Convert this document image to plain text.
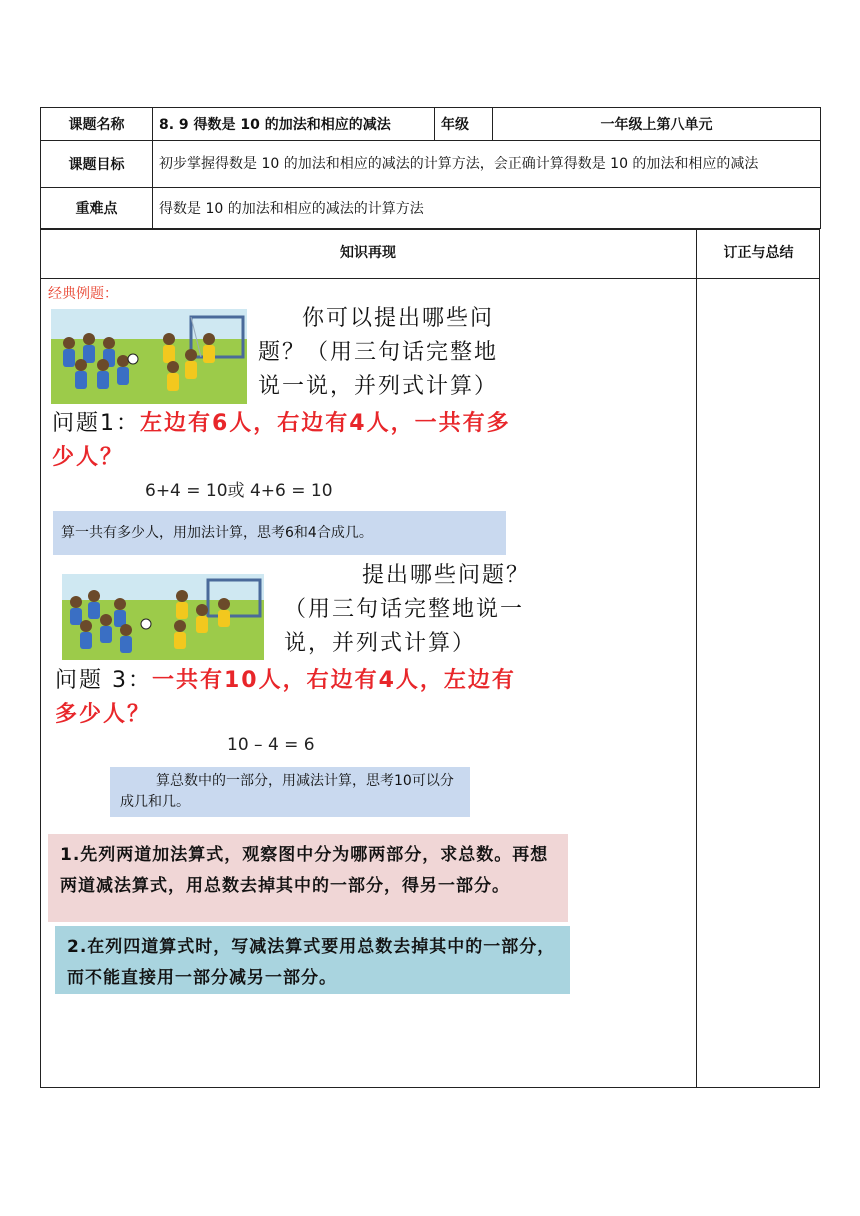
课题名称	8. 9 得数是 10 的加法和相应的减法	年级	一年级上第八单元
课题目标	初步掌握得数是 10 的加法和相应的减法的计算方法，会正确计算得数是 10 的加法和相应的减法		
重难点	得数是 10 的加法和相应的减法的计算方法		
知识再现	订正与总结
经典例题：
你可以提出哪些问题？（用三句话完整地说一说，并列式计算）
问题1：左边有6人，右边有4人，一共有多少人？
6+4 = 10或 4+6 = 10
算一共有多少人，用加法计算，思考6和4合成几。
提出哪些问题？（用三句话完整地说一说，并列式计算）
问题 3：一共有10人，右边有4人，左边有多少人？
10 – 4 = 6
算总数中的一部分，用减法计算，思考10可以分成几和几。
1.先列两道加法算式，观察图中分为哪两部分，求总数。再想两道减法算式，用总数去掉其中的一部分，得另一部分。
2.在列四道算式时，写减法算式要用总数去掉其中的一部分，而不能直接用一部分减另一部分。
